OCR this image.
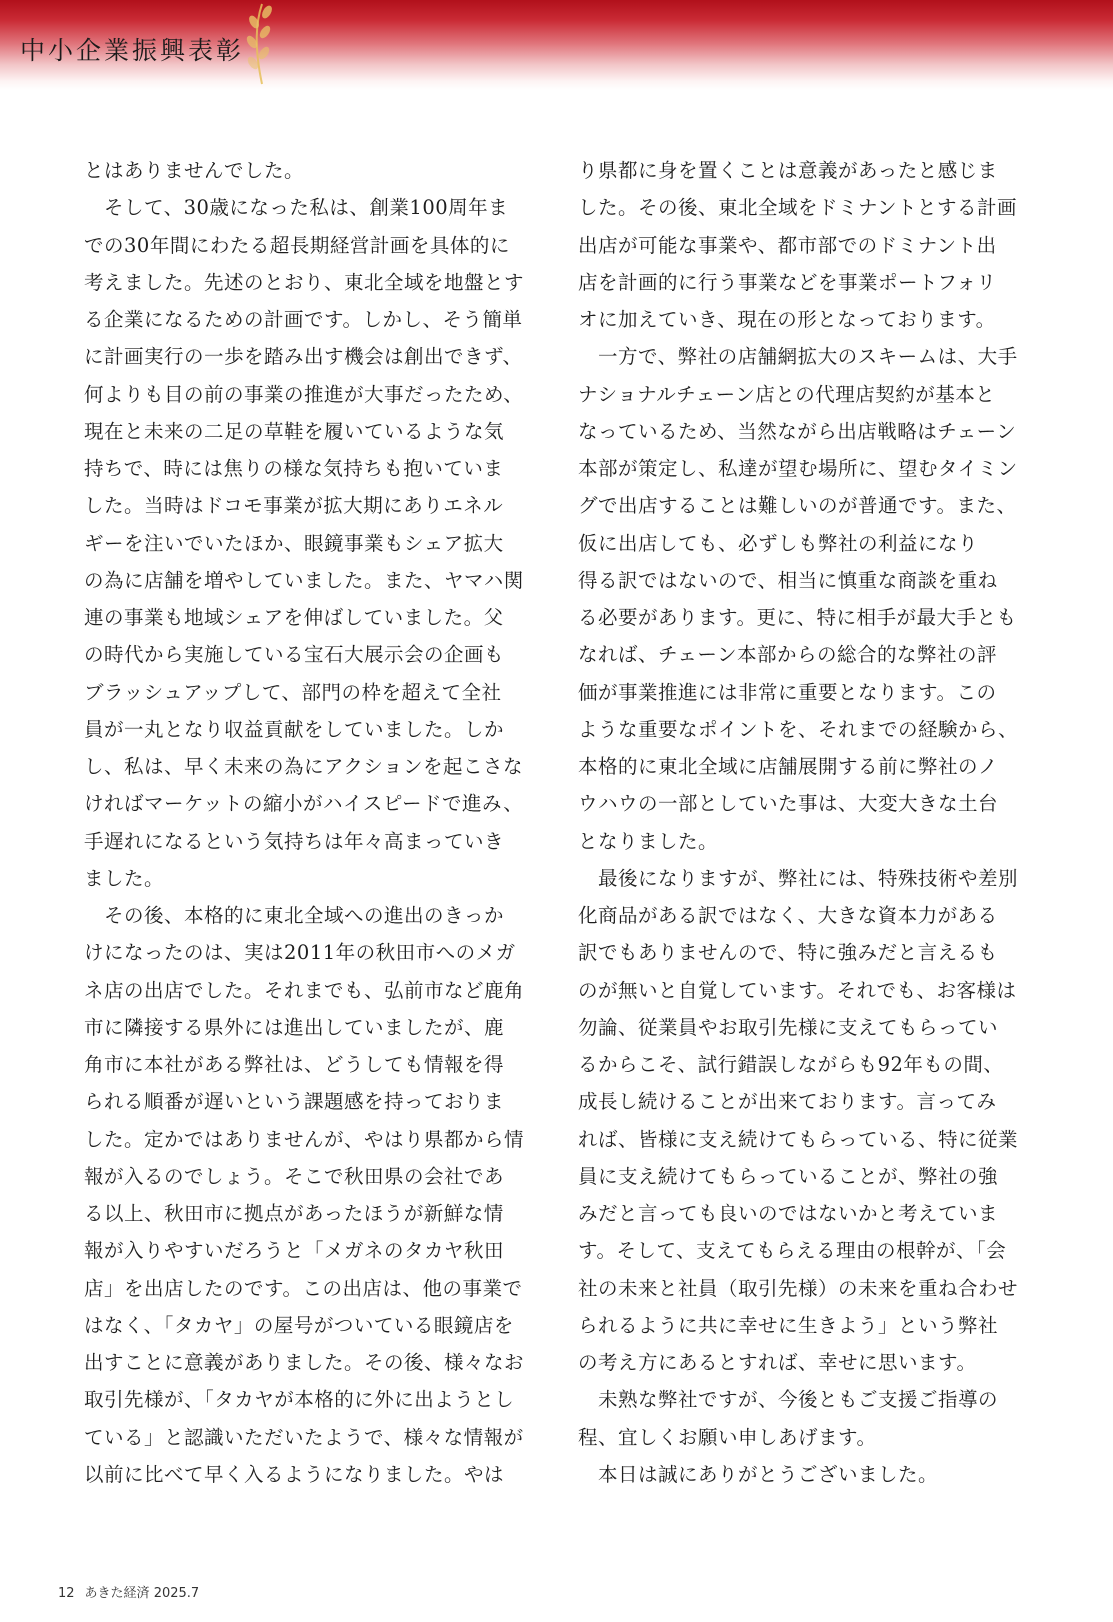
中小企業振興表彰
とはありませんでした。
　そして、30歳になった私は、創業100周年ま
での30年間にわたる超長期経営計画を具体的に
考えました。先述のとおり、東北全域を地盤とす
る企業になるための計画です。しかし、そう簡単
に計画実行の一歩を踏み出す機会は創出できず、
何よりも目の前の事業の推進が大事だったため、
現在と未来の二足の草鞋を履いているような気
持ちで、時には焦りの様な気持ちも抱いていま
した。当時はドコモ事業が拡大期にありエネル
ギーを注いでいたほか、眼鏡事業もシェア拡大
の為に店舗を増やしていました。また、ヤマハ関
連の事業も地域シェアを伸ばしていました。父
の時代から実施している宝石大展示会の企画も
ブラッシュアップして、部門の枠を超えて全社
員が一丸となり収益貢献をしていました。しか
し、私は、早く未来の為にアクションを起こさな
ければマーケットの縮小がハイスピードで進み、
手遅れになるという気持ちは年々高まっていき
ました。
　その後、本格的に東北全域への進出のきっか
けになったのは、実は2011年の秋田市へのメガ
ネ店の出店でした。それまでも、弘前市など鹿角
市に隣接する県外には進出していましたが、鹿
角市に本社がある弊社は、どうしても情報を得
られる順番が遅いという課題感を持っておりま
した。定かではありませんが、やはり県都から情
報が入るのでしょう。そこで秋田県の会社であ
る以上、秋田市に拠点があったほうが新鮮な情
報が入りやすいだろうと「メガネのタカヤ秋田
店」を出店したのです。この出店は、他の事業で
はなく、「タカヤ」の屋号がついている眼鏡店を
出すことに意義がありました。その後、様々なお
取引先様が、「タカヤが本格的に外に出ようとし
ている」と認識いただいたようで、様々な情報が
以前に比べて早く入るようになりました。やは
り県都に身を置くことは意義があったと感じま
した。その後、東北全域をドミナントとする計画
出店が可能な事業や、都市部でのドミナント出
店を計画的に行う事業などを事業ポートフォリ
オに加えていき、現在の形となっております。
　一方で、弊社の店舗網拡大のスキームは、大手
ナショナルチェーン店との代理店契約が基本と
なっているため、当然ながら出店戦略はチェーン
本部が策定し、私達が望む場所に、望むタイミン
グで出店することは難しいのが普通です。また、
仮に出店しても、必ずしも弊社の利益になり
得る訳ではないので、相当に慎重な商談を重ね
る必要があります。更に、特に相手が最大手とも
なれば、チェーン本部からの総合的な弊社の評
価が事業推進には非常に重要となります。この
ような重要なポイントを、それまでの経験から、
本格的に東北全域に店舗展開する前に弊社のノ
ウハウの一部としていた事は、大変大きな土台
となりました。
　最後になりますが、弊社には、特殊技術や差別
化商品がある訳ではなく、大きな資本力がある
訳でもありませんので、特に強みだと言えるも
のが無いと自覚しています。それでも、お客様は
勿論、従業員やお取引先様に支えてもらってい
るからこそ、試行錯誤しながらも92年もの間、
成長し続けることが出来ております。言ってみ
れば、皆様に支え続けてもらっている、特に従業
員に支え続けてもらっていることが、弊社の強
みだと言っても良いのではないかと考えていま
す。そして、支えてもらえる理由の根幹が、「会
社の未来と社員（取引先様）の未来を重ね合わせ
られるように共に幸せに生きよう」という弊社
の考え方にあるとすれば、幸せに思います。
　未熟な弊社ですが、今後ともご支援ご指導の
程、宜しくお願い申しあげます。
　本日は誠にありがとうございました。
12 あきた経済 2025.7
